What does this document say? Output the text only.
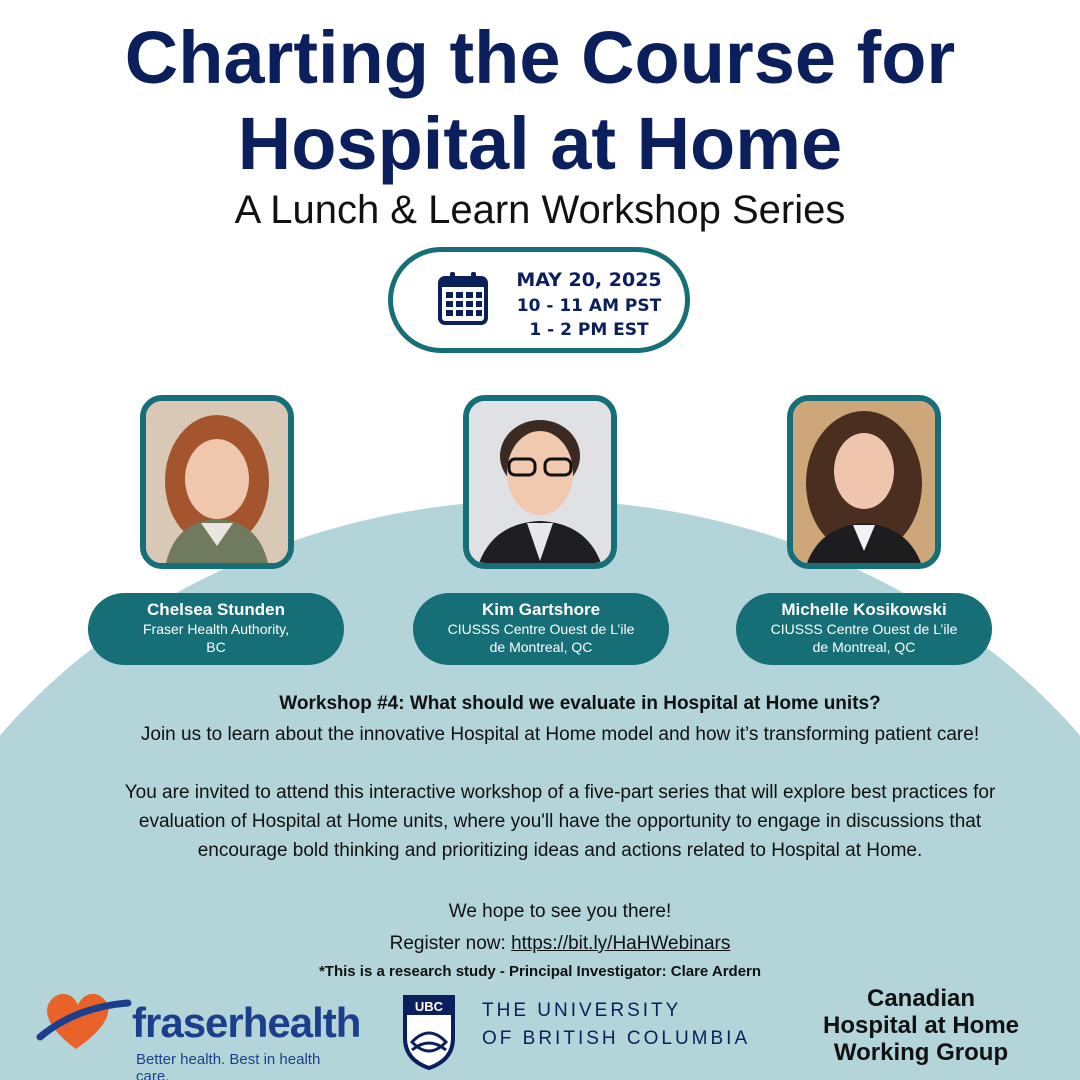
Charting the Course for
Hospital at Home
A Lunch & Learn Workshop Series
MAY 20, 2025
10 - 11 AM PST
1 - 2 PM EST
Chelsea Stunden
Fraser Health Authority,
BC
Kim Gartshore
CIUSSS Centre Ouest de L’ile
de Montreal, QC
Michelle Kosikowski
CIUSSS Centre Ouest de L’ile
de Montreal, QC
Workshop #4: What should we evaluate in Hospital at Home units?

Join us to learn about the innovative Hospital at Home model and how it’s transforming patient care!

You are invited to attend this interactive workshop of a five-part series that will explore best practices for evaluation of Hospital at Home units, where you'll have the opportunity to engage in discussions that encourage bold thinking and prioritizing ideas and actions related to Hospital at Home.

We hope to see you there!

Register now: https://bit.ly/HaHWebinars

*This is a research study - Principal Investigator: Clare Ardern
fraserhealth
Better health. Best in health care.
UBC THE UNIVERSITY
OF BRITISH COLUMBIA
Canadian
Hospital at Home
Working Group
